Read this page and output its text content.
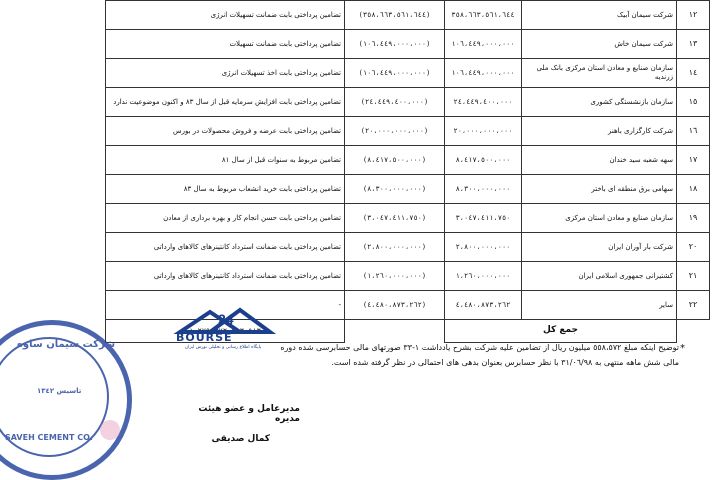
١٢	شرکت سیمان آبیک	٣٥٨،٦٦٣،٥٦١،٦٤٤	(٣٥٨،٦٦٣،٥٦١،٦٤٤)	تضامین پرداختی بابت ضمانت تسهیلات انرژی	
١٣	شرکت سیمان خاش	١٠٦،٤٤٩،٠٠٠،٠٠٠	(١٠٦،٤٤٩،٠٠٠،٠٠٠)	تضامین پرداختی بابت ضمانت تسهیلات	
١٤	سازمان صنایع و معادن استان مرکزی بانک ملی زرندیه	١٠٦،٤٤٩،٠٠٠،٠٠٠	(١٠٦،٤٤٩،٠٠٠،٠٠٠)	تضامین پرداختی بابت اخذ تسهیلات انرژی	
١٥	سازمان بازنشستگی کشوری	٢٤،٤٤٩،٤٠٠،٠٠٠	(٢٤،٤٤٩،٤٠٠،٠٠٠)	تضامین پرداختی بابت افزایش سرمایه قبل از سال ٨٣ و اکنون موضوعیت ندارد	
١٦	شرکت کارگزاری باهنر	٢٠،٠٠٠،٠٠٠،٠٠٠	(٢٠،٠٠٠،٠٠٠،٠٠٠)	تضامین پرداختی بابت عرضه و فروش محصولات در بورس	
١٧	سهه شعبه سید خندان	٨،٤١٧،٥٠٠،٠٠٠	(٨،٤١٧،٥٠٠،٠٠٠)	تضامین مربوط به سنوات قبل از سال ٨١	
١٨	سهامی برق منطقه ای باختر	٨،٣٠٠،٠٠٠،٠٠٠	(٨،٣٠٠،٠٠٠،٠٠٠)	تضامین پرداختی بابت خرید انشعاب مربوط به سال ٨٣	
١٩	سازمان صنایع و معادن استان مرکزی	٣،٠٤٧،٤١١،٧٥٠	(٣،٠٤٧،٤١١،٧٥٠)	تضامین پرداختی بابت حسن انجام کار و بهره برداری از معادن	
٢٠	شرکت بار آوران ایران	٢،٨٠٠،٠٠٠،٠٠٠	(٢،٨٠٠،٠٠٠،٠٠٠)	تضامین پرداختی بابت ضمانت استرداد کانتینرهای کالاهای وارداتی	
٢١	کشتیرانی جمهوری اسلامی ایران	١،٢٦٠،٠٠٠،٠٠٠	(١،٢٦٠،٠٠٠،٠٠٠)	تضامین پرداختی بابت ضمانت استرداد کانتینرهای کالاهای وارداتی	
٢٢	سایر	٤،٤٨٠،٨٧٣،٢٦٢	(٤،٤٨٠،٨٧٣،٢٦٢)	-	
	جمع کل			١،٢٧٩،٣٧٢،٩٨٣،٥١٣	
شرکت سیمان ساوه
SAVEH CEMENT CO.
تاسیس ١٣٤٢
24
BOURSE
پایگاه اطلاع رسانی و تحلیلی بورس ایران	*
توضیح اینکه مبلغ ٥٥٨،٥٧٢ میلیون ریال از تضامین علیه شرکت بشرح یادداشت ١-٣٣ صورتهای مالی حسابرسی شده دوره مالی شش ماهه منتهی به ٣١/٠٦/٩٨ با نظر حسابرس بعنوان بدهی های احتمالی در نظر گرفته شده است.
مدیرعامل و عضو هیئت مدیره
کمال صدیقی
